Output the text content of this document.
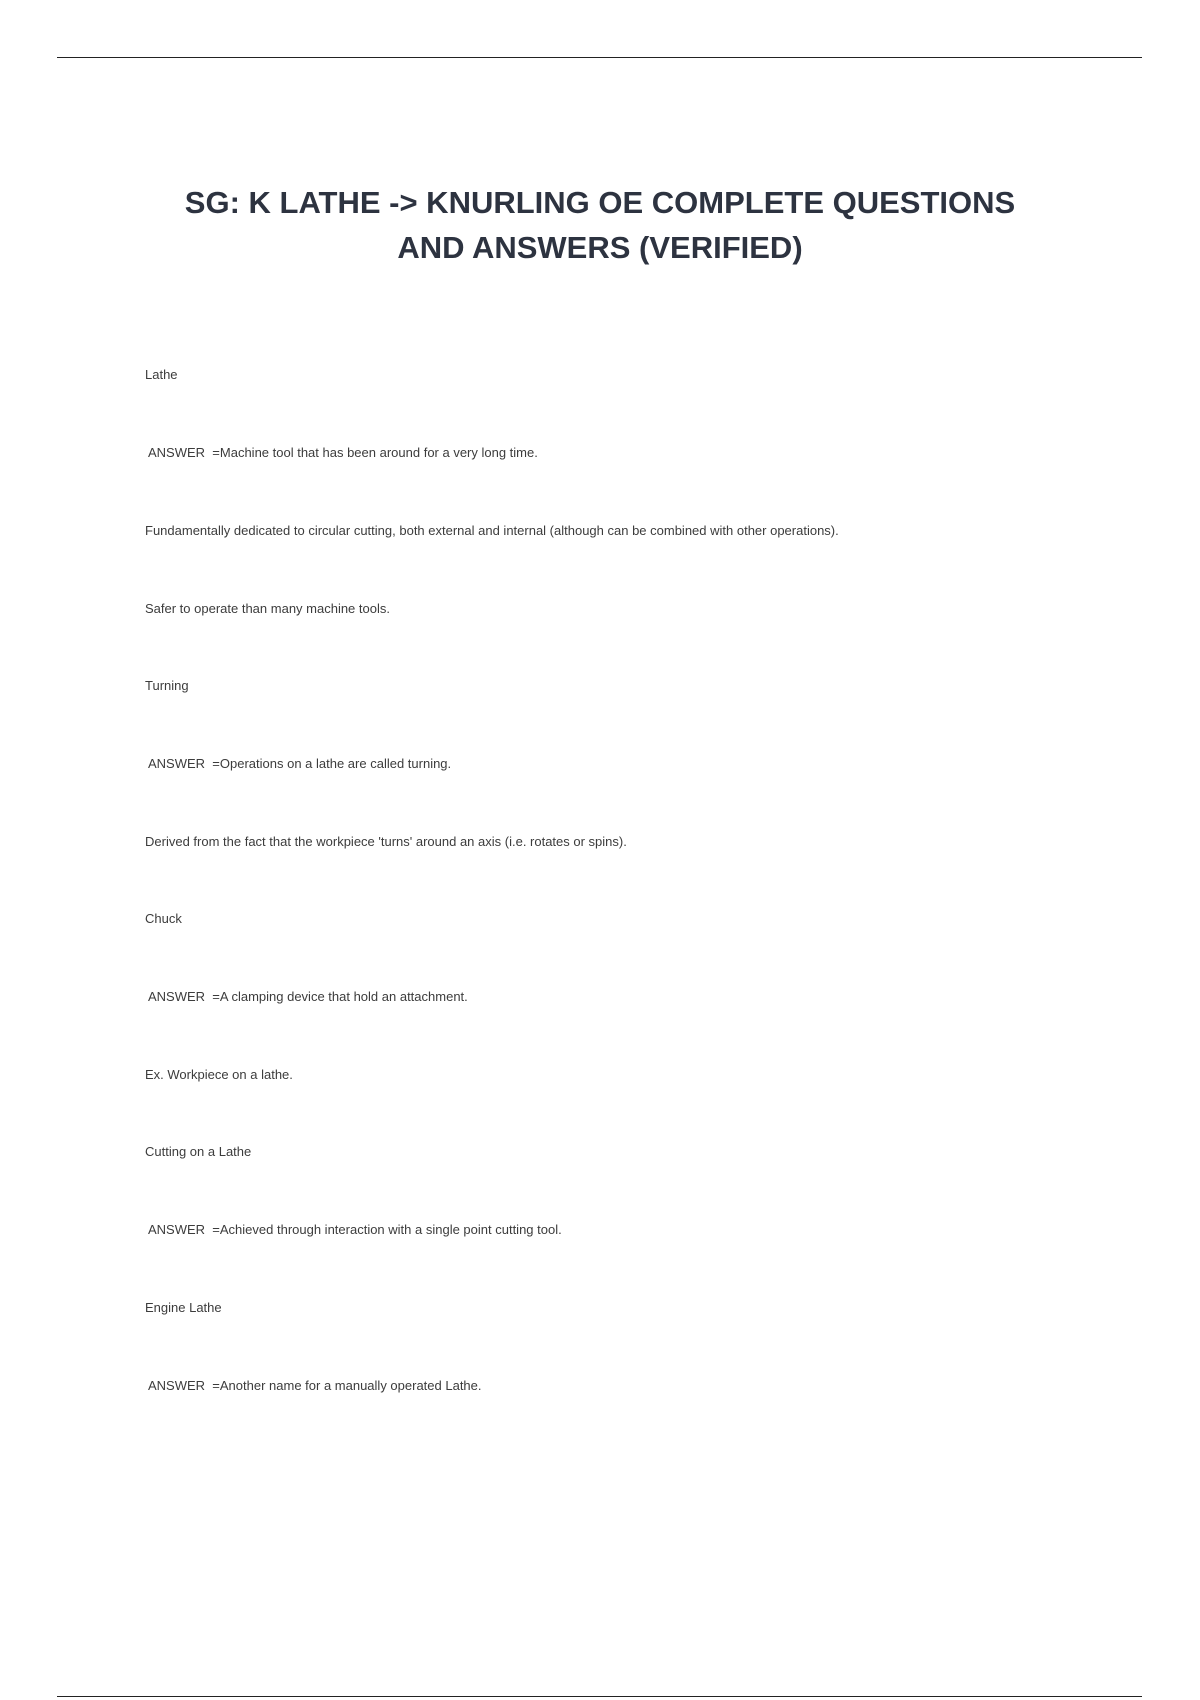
SG: K LATHE -> KNURLING OE COMPLETE QUESTIONS
AND ANSWERS (VERIFIED)
Lathe
ANSWER =Machine tool that has been around for a very long time.
Fundamentally dedicated to circular cutting, both external and internal (although can be combined with other operations).
Safer to operate than many machine tools.
Turning
ANSWER =Operations on a lathe are called turning.
Derived from the fact that the workpiece 'turns' around an axis (i.e. rotates or spins).
Chuck
ANSWER =A clamping device that hold an attachment.
Ex. Workpiece on a lathe.
Cutting on a Lathe
ANSWER =Achieved through interaction with a single point cutting tool.
Engine Lathe
ANSWER =Another name for a manually operated Lathe.
